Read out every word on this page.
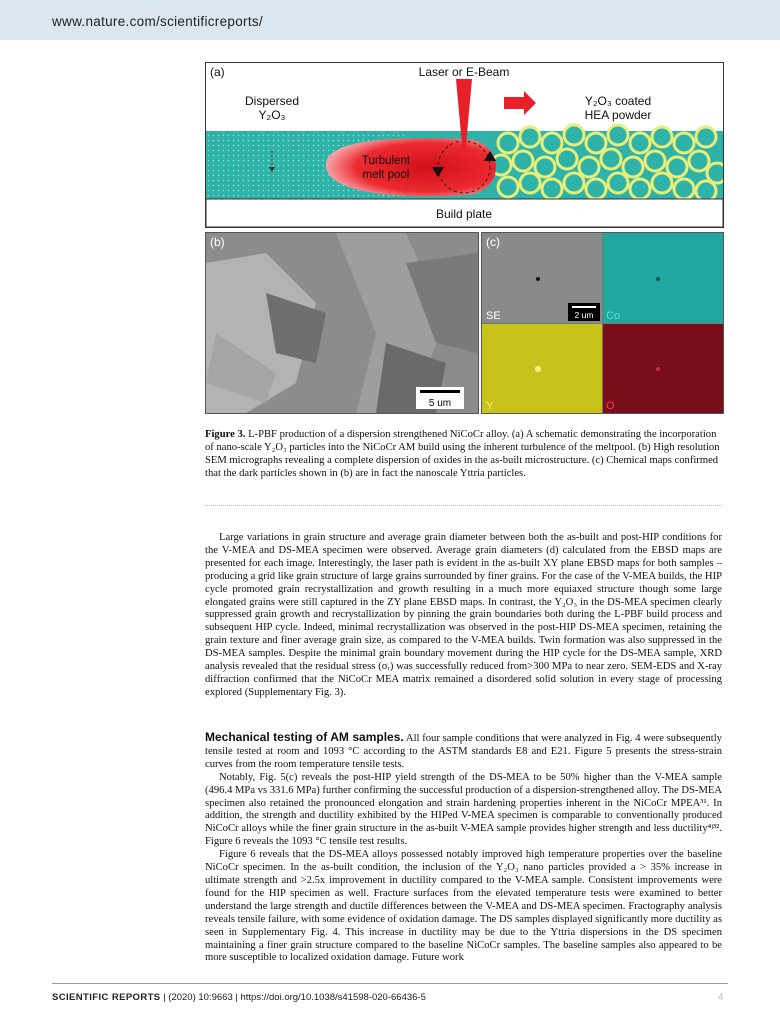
www.nature.com/scientificreports/
(a)	Laser or E-Beam
Dispersed
Y₂O₃
Y₂O₃ coated
HEA powder
Turbulent
melt pool
Build plate
5 um
(b)
2 um
SE	Co
Y	O
(c)
Figure 3. L-PBF production of a dispersion strengthened NiCoCr alloy. (a) A schematic demonstrating the incorporation of nano-scale Y₂O₃ particles into the NiCoCr AM build using the inherent turbulence of the meltpool. (b) High resolution SEM micrographs revealing a complete dispersion of oxides in the as-built microstructure. (c) Chemical maps confirmed that the dark particles shown in (b) are in fact the nanoscale Yttria particles.
Large variations in grain structure and average grain diameter between both the as-built and post-HIP conditions for the V-MEA and DS-MEA specimen were observed. Average grain diameters (d) calculated from the EBSD maps are presented for each image. Interestingly, the laser path is evident in the as-built XY plane EBSD maps for both samples – producing a grid like grain structure of large grains surrounded by finer grains. For the case of the V-MEA builds, the HIP cycle promoted grain recrystallization and growth resulting in a much more equiaxed structure though some large elongated grains were still captured in the ZY plane EBSD maps. In contrast, the Y₂O₃ in the DS-MEA specimen clearly suppressed grain growth and recrystallization by pinning the grain boundaries both during the L-PBF build process and subsequent HIP cycle. Indeed, minimal recrystallization was observed in the post-HIP DS-MEA specimen, retaining the grain texture and finer average grain size, as compared to the V-MEA builds. Twin formation was also suppressed in the DS-MEA samples. Despite the minimal grain boundary movement during the HIP cycle for the DS-MEA sample, XRD analysis revealed that the residual stress (σᵣ) was successfully reduced from>300 MPa to near zero. SEM-EDS and X-ray diffraction confirmed that the NiCoCr MEA matrix remained a disordered solid solution in every stage of processing explored (Supplementary Fig. 3).

Mechanical testing of AM samples. All four sample conditions that were analyzed in Fig. 4 were subsequently tensile tested at room and 1093 °C according to the ASTM standards E8 and E21. Figure 5 presents the stress-strain curves from the room temperature tensile tests.

Notably, Fig. 5(c) reveals the post-HIP yield strength of the DS-MEA to be 50% higher than the V-MEA sample (496.4 MPa vs 331.6 MPa) further confirming the successful production of a dispersion-strengthened alloy. The DS-MEA specimen also retained the pronounced elongation and strain hardening properties inherent in the NiCoCr MPEA³¹. In addition, the strength and ductility exhibited by the HIPed V-MEA specimen is comparable to conventionally produced NiCoCr alloys while the finer grain structure in the as-built V-MEA sample provides higher strength and less ductility⁴ʲ³². Figure 6 reveals the 1093 °C tensile test results.

Figure 6 reveals that the DS-MEA alloys possessed notably improved high temperature properties over the baseline NiCoCr specimen. In the as-built condition, the inclusion of the Y₂O₃ nano particles provided a > 35% increase in ultimate strength and >2.5x improvement in ductility compared to the V-MEA sample. Consistent improvements were found for the HIP specimen as well. Fracture surfaces from the elevated temperature tests were examined to better understand the large strength and ductile differences between the V-MEA and DS-MEA specimen. Fractography analysis reveals tensile failure, with some evidence of oxidation damage. The DS samples displayed significantly more ductility as seen in Supplementary Fig. 4. This increase in ductility may be due to the Yttria dispersions in the DS specimen maintaining a finer grain structure compared to the baseline NiCoCr samples. The baseline samples also appeared to be more susceptible to localized oxidation damage. Future work

SCIENTIFIC REPORTS | (2020) 10:9663 | https://doi.org/10.1038/s41598-020-66436-5	4
